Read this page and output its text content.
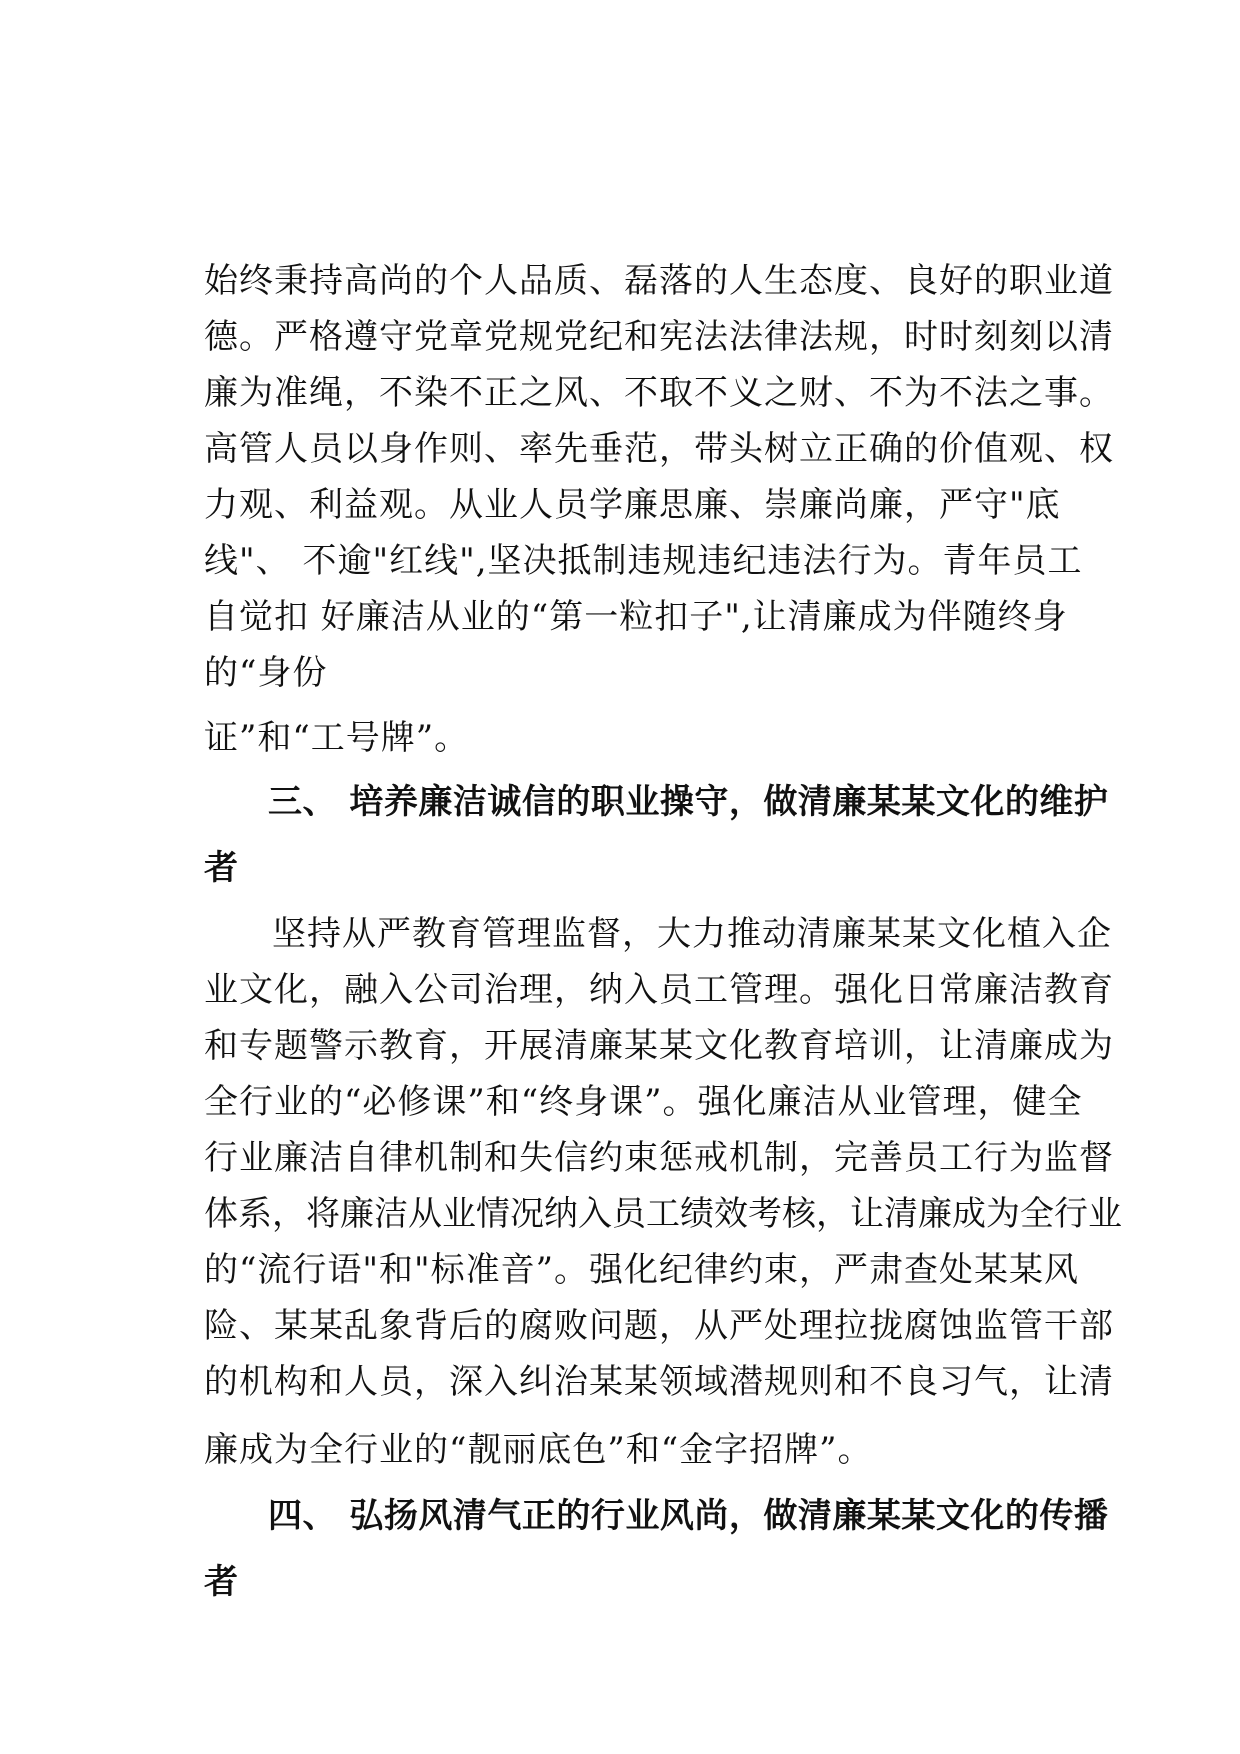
始终秉持高尚的个人品质、磊落的人生态度、良好的职业道
德。严格遵守党章党规党纪和宪法法律法规，时时刻刻以清
廉为准绳，不染不正之风、不取不义之财、不为不法之事。
高管人员以身作则、率先垂范，带头树立正确的价值观、权
力观、利益观。从业人员学廉思廉、崇廉尚廉，严守"底
线"、 不逾"红线",坚决抵制违规违纪违法行为。青年员工
自觉扣 好廉洁从业的“第一粒扣子",让清廉成为伴随终身
的“身份
证”和“工号牌”。
三、 培养廉洁诚信的职业操守，做清廉某某文化的维护
者
坚持从严教育管理监督，大力推动清廉某某文化植入企
业文化，融入公司治理，纳入员工管理。强化日常廉洁教育
和专题警示教育，开展清廉某某文化教育培训，让清廉成为
全行业的“必修课”和“终身课”。强化廉洁从业管理，健全
行业廉洁自律机制和失信约束惩戒机制，完善员工行为监督
体系，将廉洁从业情况纳入员工绩效考核，让清廉成为全行业
的“流行语"和"标准音”。强化纪律约束，严肃查处某某风
险、某某乱象背后的腐败问题，从严处理拉拢腐蚀监管干部
的机构和人员，深入纠治某某领域潜规则和不良习气，让清
廉成为全行业的“靓丽底色”和“金字招牌”。
四、 弘扬风清气正的行业风尚，做清廉某某文化的传播
者
